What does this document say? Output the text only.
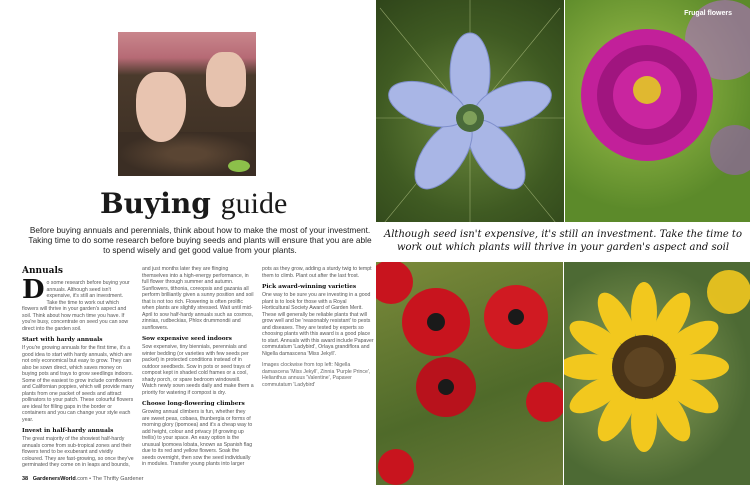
Buying guide
Before buying annuals and perennials, think about how to make the most of your investment. Taking time to do some research before buying seeds and plants will ensure that you are able to spend wisely and get good value from your plants.
Annuals

Do some research before buying your annuals. Although seed isn't expensive, it's still an investment. Take the time to work out which flowers will thrive in your garden's aspect and soil. Think about how much time you have. If you're busy, concentrate on seed you can sow direct into the garden soil.

Start with hardy annuals

If you're growing annuals for the first time, it's a good idea to start with hardy annuals, which are not only economical but easy to grow. They can also be sown direct, which saves money on buying pots and trays to grow seedlings indoors. Some of the easiest to grow include cornflowers and Californian poppies, which will provide many plants from one packet of seeds and attract pollinators to your patch. These colourful flowers are ideal for filling gaps in the border or containers and you can change your style each year.

Invest in half-hardy annuals

The great majority of the showiest half-hardy annuals come from sub-tropical zones and their flowers tend to be exuberant and vividly coloured. They are fast-growing, so once they've germinated they come on in leaps and bounds, and just months later they are flinging themselves into a high-energy performance, in full flower through summer and autumn. Sunflowers, tithonia, coreopsis and gazania all perform brilliantly given a sunny position and soil that is not too rich. Flowering is often prolific when plants are slightly stressed. Wait until mid-April to sow half-hardy annuals such as cosmos, zinnias, rudbeckias, Phlox drummondii and sunflowers.

Sow expensive seed indoors

Sow expensive, tiny biennials, perennials and winter bedding (or varieties with few seeds per packet) in protected conditions instead of in outdoor seedbeds. Sow in pots or seed trays of compost kept in shaded cold frames or a cool, shady porch, or spare bedroom windowsill. Watch newly sown seeds daily and make them a priority for watering if compost is dry.

Choose long-flowering climbers

Growing annual climbers is fun, whether they are sweet peas, cobaea, thunbergia or forms of morning glory (ipomoea) and it's a cheap way to add height, colour and privacy (if growing up trellis) to your space. An easy option is the unusual Ipomoea lobata, known as Spanish flag due to its red and yellow flowers. Soak the seeds overnight, then sow the seed individually in modules. Transfer young plants into larger pots as they grow, adding a sturdy twig to tempt them to climb. Plant out after the last frost.

Pick award-winning varieties

One way to be sure you are investing in a good plant is to look for those with a Royal Horticultural Society Award of Garden Merit. These will generally be reliable plants that will grow well and be 'reasonably resistant' to pests and diseases. They are tested by experts so choosing plants with this award is a good place to start. Annuals with this award include Papaver commutatum 'Ladybird', Orlaya grandiflora and Nigella damascena 'Miss Jekyll'.

Images clockwise from top left: Nigella damascena 'Miss Jekyll', Zinnia 'Purple Prince', Helianthus annuus 'Valentine', Papaver commutatum 'Ladybird'

38 GardenersWorld.com • The Thrifty Gardener
Frugal flowers
Although seed isn't expensive, it's still an investment. Take the time to work out which plants will thrive in your garden's aspect and soil
